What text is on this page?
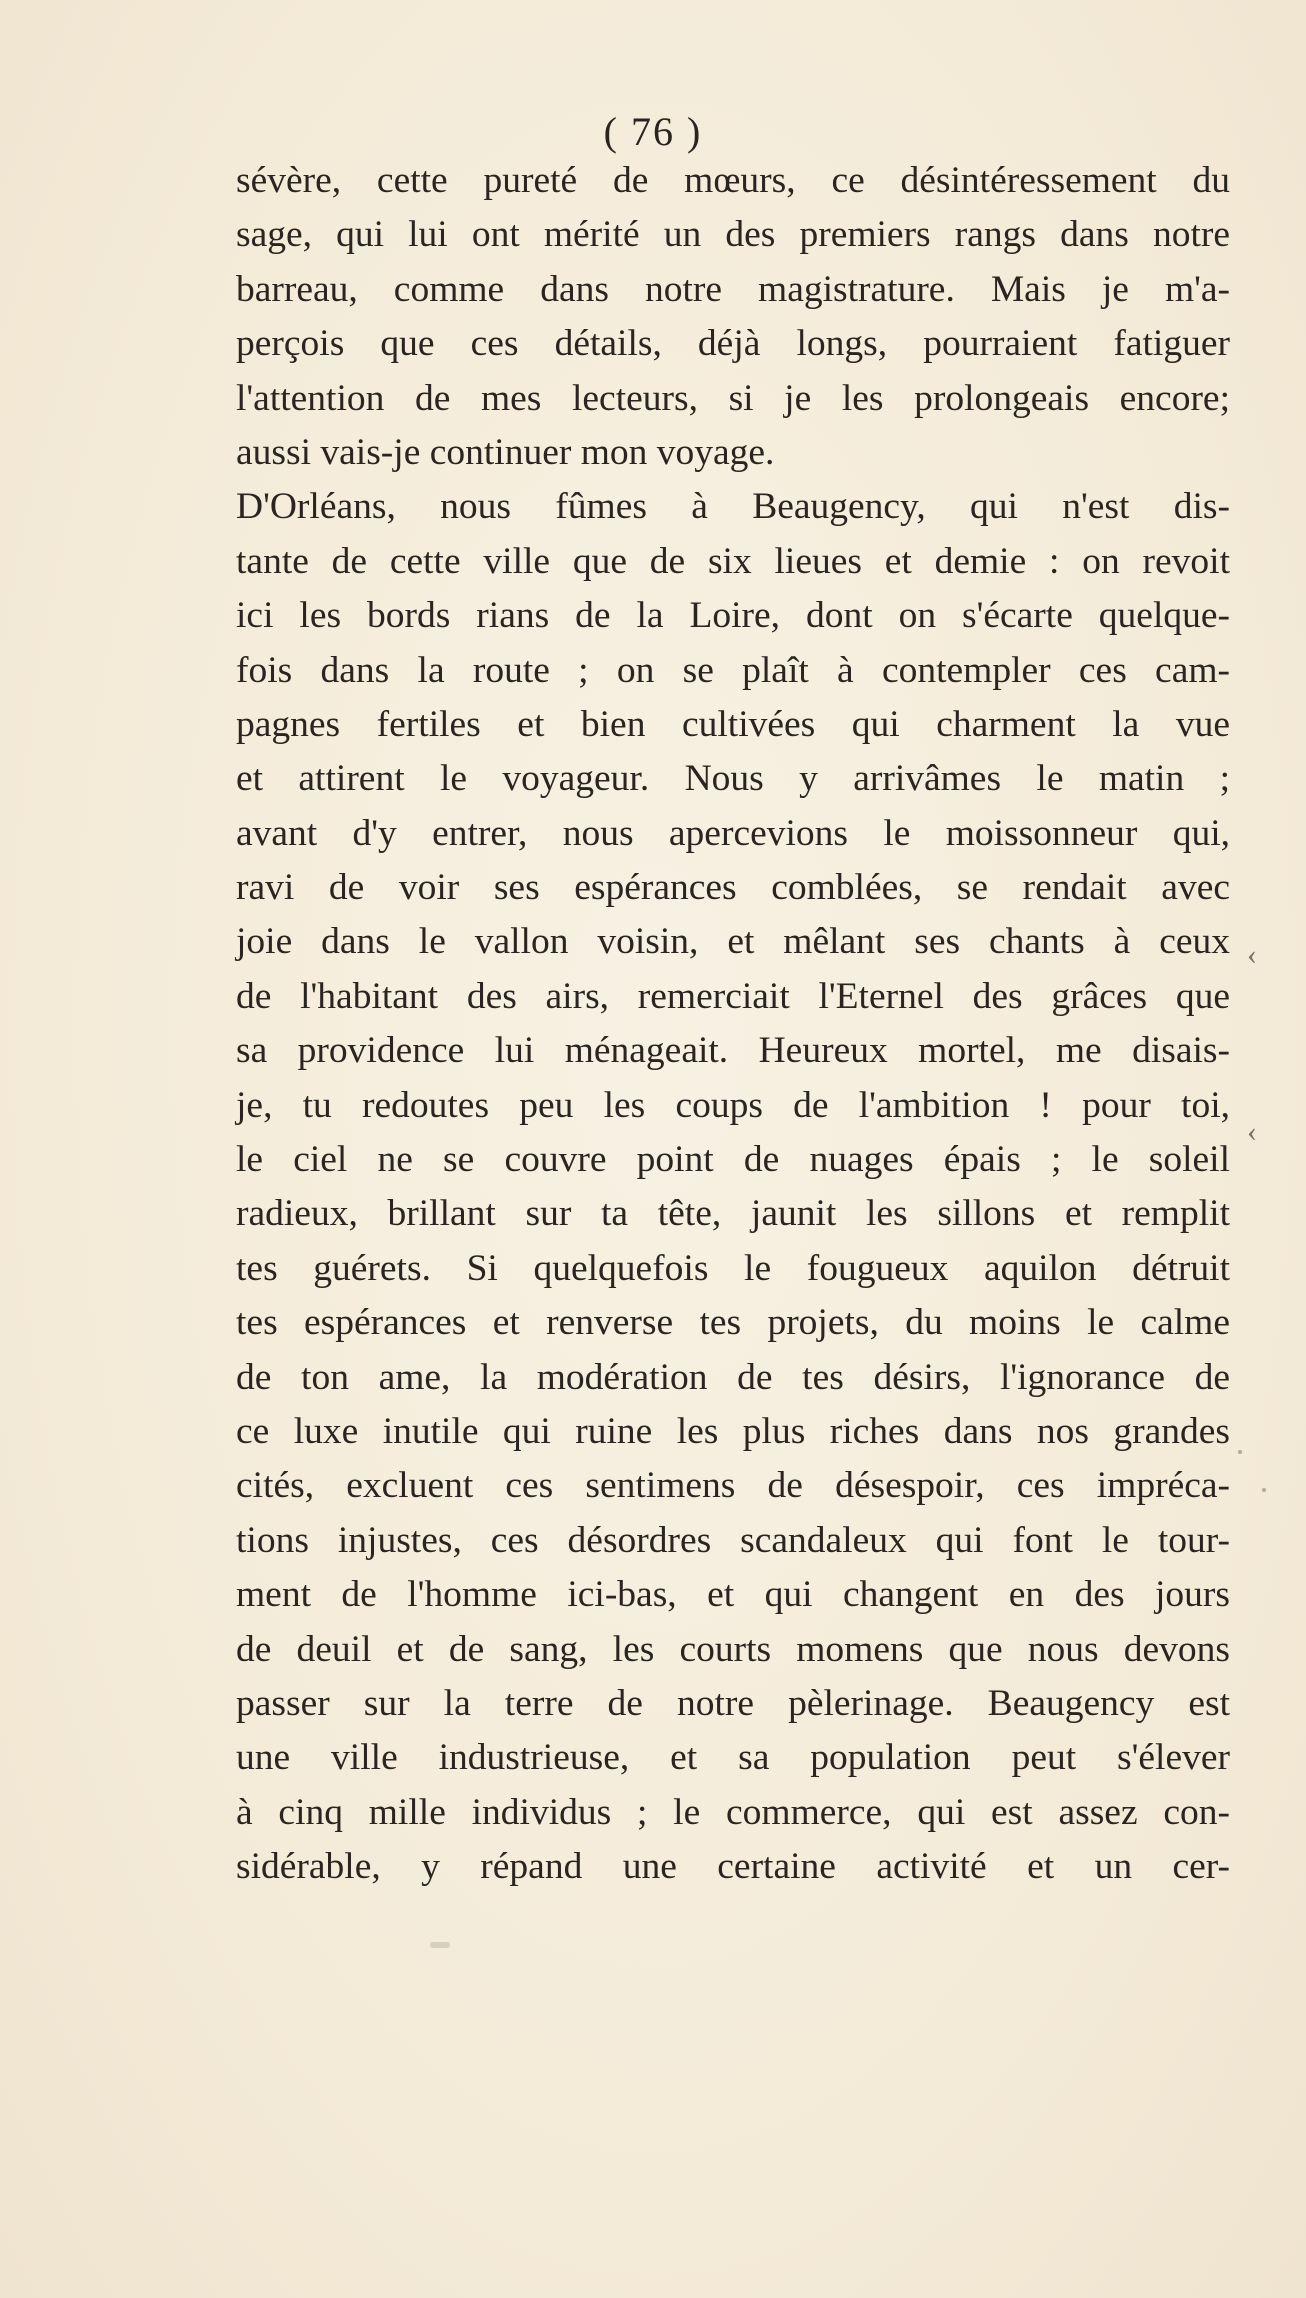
( 76 )
sévère, cette pureté de mœurs, ce désintéressement du
sage, qui lui ont mérité un des premiers rangs dans notre
barreau, comme dans notre magistrature. Mais je m'a-
perçois que ces détails, déjà longs, pourraient fatiguer
l'attention de mes lecteurs, si je les prolongeais encore;
aussi vais-je continuer mon voyage.
D'Orléans, nous fûmes à Beaugency, qui n'est dis-
tante de cette ville que de six lieues et demie : on revoit
ici les bords rians de la Loire, dont on s'écarte quelque-
fois dans la route ; on se plaît à contempler ces cam-
pagnes fertiles et bien cultivées qui charment la vue
et attirent le voyageur. Nous y arrivâmes le matin ;
avant d'y entrer, nous apercevions le moissonneur qui,
ravi de voir ses espérances comblées, se rendait avec
joie dans le vallon voisin, et mêlant ses chants à ceux
de l'habitant des airs, remerciait l'Eternel des grâces que
sa providence lui ménageait. Heureux mortel, me disais-
je, tu redoutes peu les coups de l'ambition ! pour toi,
le ciel ne se couvre point de nuages épais ; le soleil
radieux, brillant sur ta tête, jaunit les sillons et remplit
tes guérets. Si quelquefois le fougueux aquilon détruit
tes espérances et renverse tes projets, du moins le calme
de ton ame, la modération de tes désirs, l'ignorance de
ce luxe inutile qui ruine les plus riches dans nos grandes
cités, excluent ces sentimens de désespoir, ces impréca-
tions injustes, ces désordres scandaleux qui font le tour-
ment de l'homme ici-bas, et qui changent en des jours
de deuil et de sang, les courts momens que nous devons
passer sur la terre de notre pèlerinage. Beaugency est
une ville industrieuse, et sa population peut s'élever
à cinq mille individus ; le commerce, qui est assez con-
sidérable, y répand une certaine activité et un cer-
‹
‹
